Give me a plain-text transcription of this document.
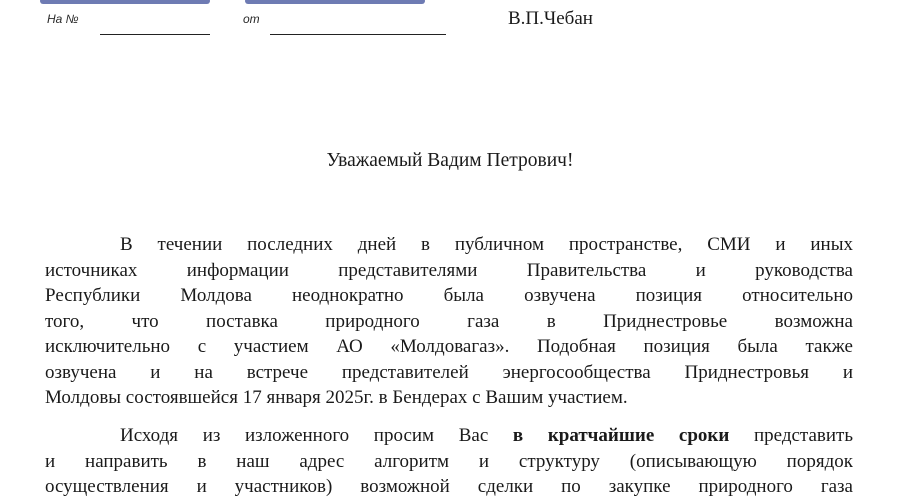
На №	от	В.П.Чебан
Уважаемый Вадим Петрович!
В течении последних дней в публичном пространстве, СМИ и иных
источниках информации представителями Правительства и руководства
Республики Молдова неоднократно была озвучена позиция относительно
того, что поставка природного газа в Приднестровье возможна
исключительно с участием АО «Молдовагаз». Подобная позиция была также
озвучена и на встрече представителей энергосообщества Приднестровья и
Молдовы состоявшейся 17 января 2025г. в Бендерах с Вашим участием.
Исходя из изложенного просим Вас в кратчайшие сроки представить
и направить в наш адрес алгоритм и структуру (описывающую порядок
осуществления и участников) возможной сделки по закупке природного газа
